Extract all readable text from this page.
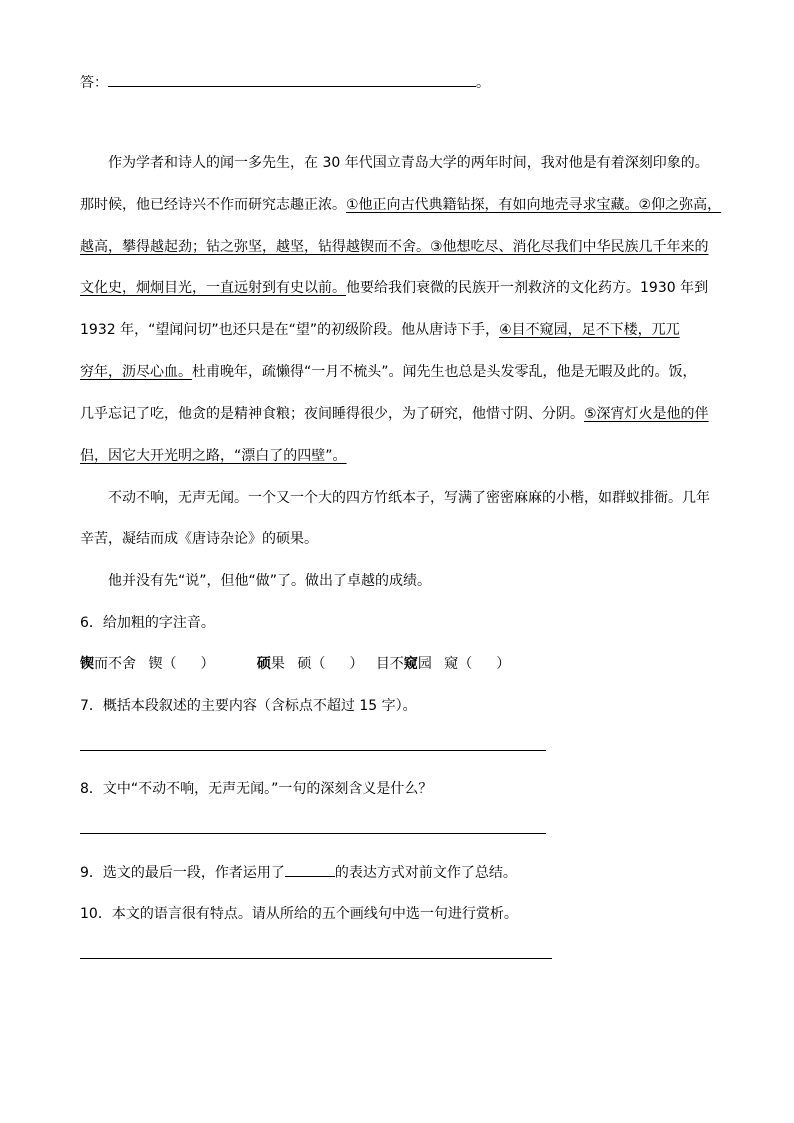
答：	。
作为学者和诗人的闻一多先生，在 30 年代国立青岛大学的两年时间，我对他是有着深刻印象的。
那时候，他已经诗兴不作而研究志趣正浓。①他正向古代典籍钻探，有如向地壳寻求宝藏。②仰之弥高，
越高，攀得越起劲；钻之弥坚，越坚，钻得越锲而不舍。③他想吃尽、消化尽我们中华民族几千年来的
文化史，炯炯目光，一直远射到有史以前。他要给我们衰微的民族开一剂救济的文化药方。1930 年到
1932 年，“望闻问切”也还只是在“望”的初级阶段。他从唐诗下手，④目不窥园，足不下楼，兀兀
穷年，沥尽心血。杜甫晚年，疏懒得“一月不梳头”。闻先生也总是头发零乱，他是无暇及此的。饭，
几乎忘记了吃，他贪的是精神食粮；夜间睡得很少，为了研究，他惜寸阴、分阴。⑤深宵灯火是他的伴
侣，因它大开光明之路，“漂白了的四壁”。
不动不响，无声无闻。一个又一个大的四方竹纸本子，写满了密密麻麻的小楷，如群蚁排衙。几年
辛苦，凝结而成《唐诗杂论》的硕果。
他并没有先“说”，但他“做”了。做出了卓越的成绩。
6．给加粗的字注音。
锲而不舍 锲（ ）	硕果 硕（ ） 目不窥园 窥（ ）
7．概括本段叙述的主要内容（含标点不超过 15 字）。
8．文中“不动不响，无声无闻。”一句的深刻含义是什么？
9．选文的最后一段，作者运用了	的表达方式对前文作了总结。
10．本文的语言很有特点。请从所给的五个画线句中选一句进行赏析。
